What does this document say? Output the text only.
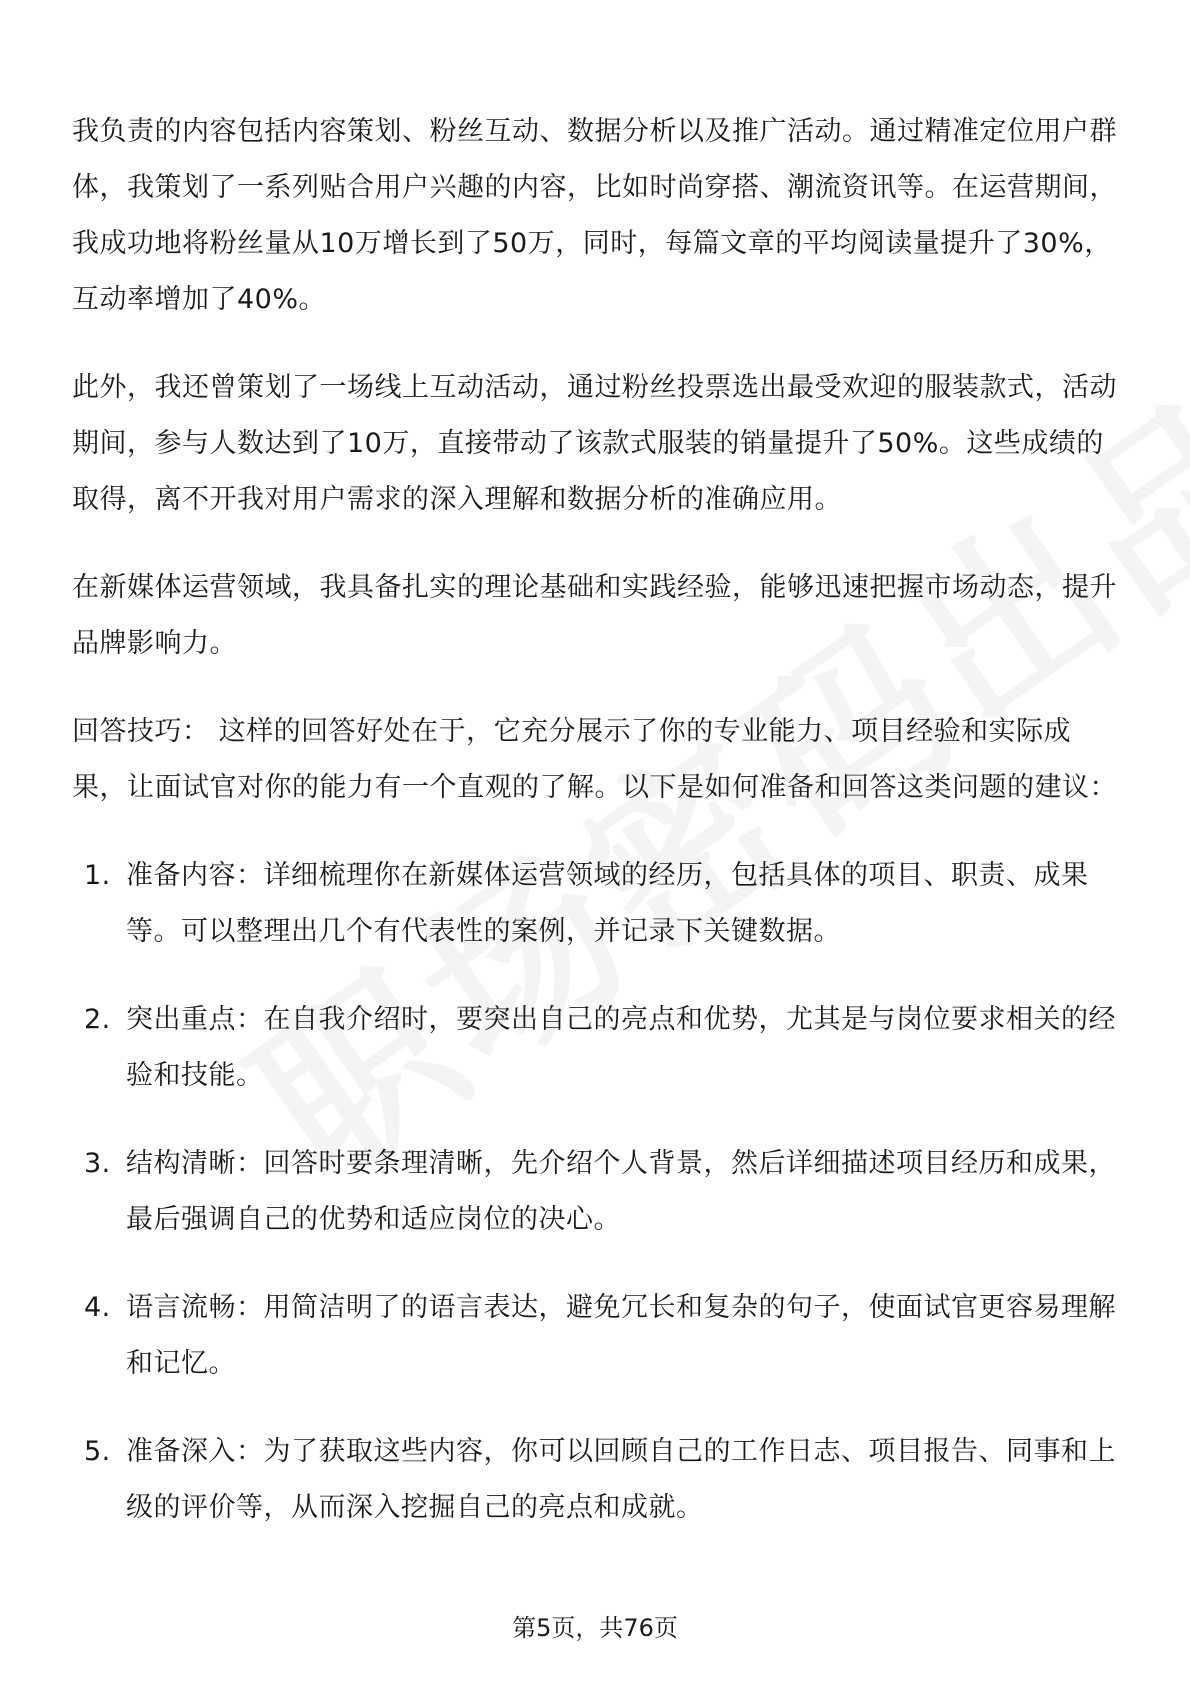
我负责的内容包括内容策划、粉丝互动、数据分析以及推广活动。通过精准定位用户群体，我策划了一系列贴合用户兴趣的内容，比如时尚穿搭、潮流资讯等。在运营期间，我成功地将粉丝量从10万增长到了50万，同时，每篇文章的平均阅读量提升了30%，互动率增加了40%。

此外，我还曾策划了一场线上互动活动，通过粉丝投票选出最受欢迎的服装款式，活动期间，参与人数达到了10万，直接带动了该款式服装的销量提升了50%。这些成绩的取得，离不开我对用户需求的深入理解和数据分析的准确应用。

在新媒体运营领域，我具备扎实的理论基础和实践经验，能够迅速把握市场动态，提升品牌影响力。

回答技巧： 这样的回答好处在于，它充分展示了你的专业能力、项目经验和实际成果，让面试官对你的能力有一个直观的了解。以下是如何准备和回答这类问题的建议：

1. 准备内容：详细梳理你在新媒体运营领域的经历，包括具体的项目、职责、成果等。可以整理出几个有代表性的案例，并记录下关键数据。
2. 突出重点：在自我介绍时，要突出自己的亮点和优势，尤其是与岗位要求相关的经验和技能。
3. 结构清晰：回答时要条理清晰，先介绍个人背景，然后详细描述项目经历和成果，最后强调自己的优势和适应岗位的决心。
4. 语言流畅：用简洁明了的语言表达，避免冗长和复杂的句子，使面试官更容易理解和记忆。
5. 准备深入：为了获取这些内容，你可以回顾自己的工作日志、项目报告、同事和上级的评价等，从而深入挖掘自己的亮点和成就。
第5页，共76页
